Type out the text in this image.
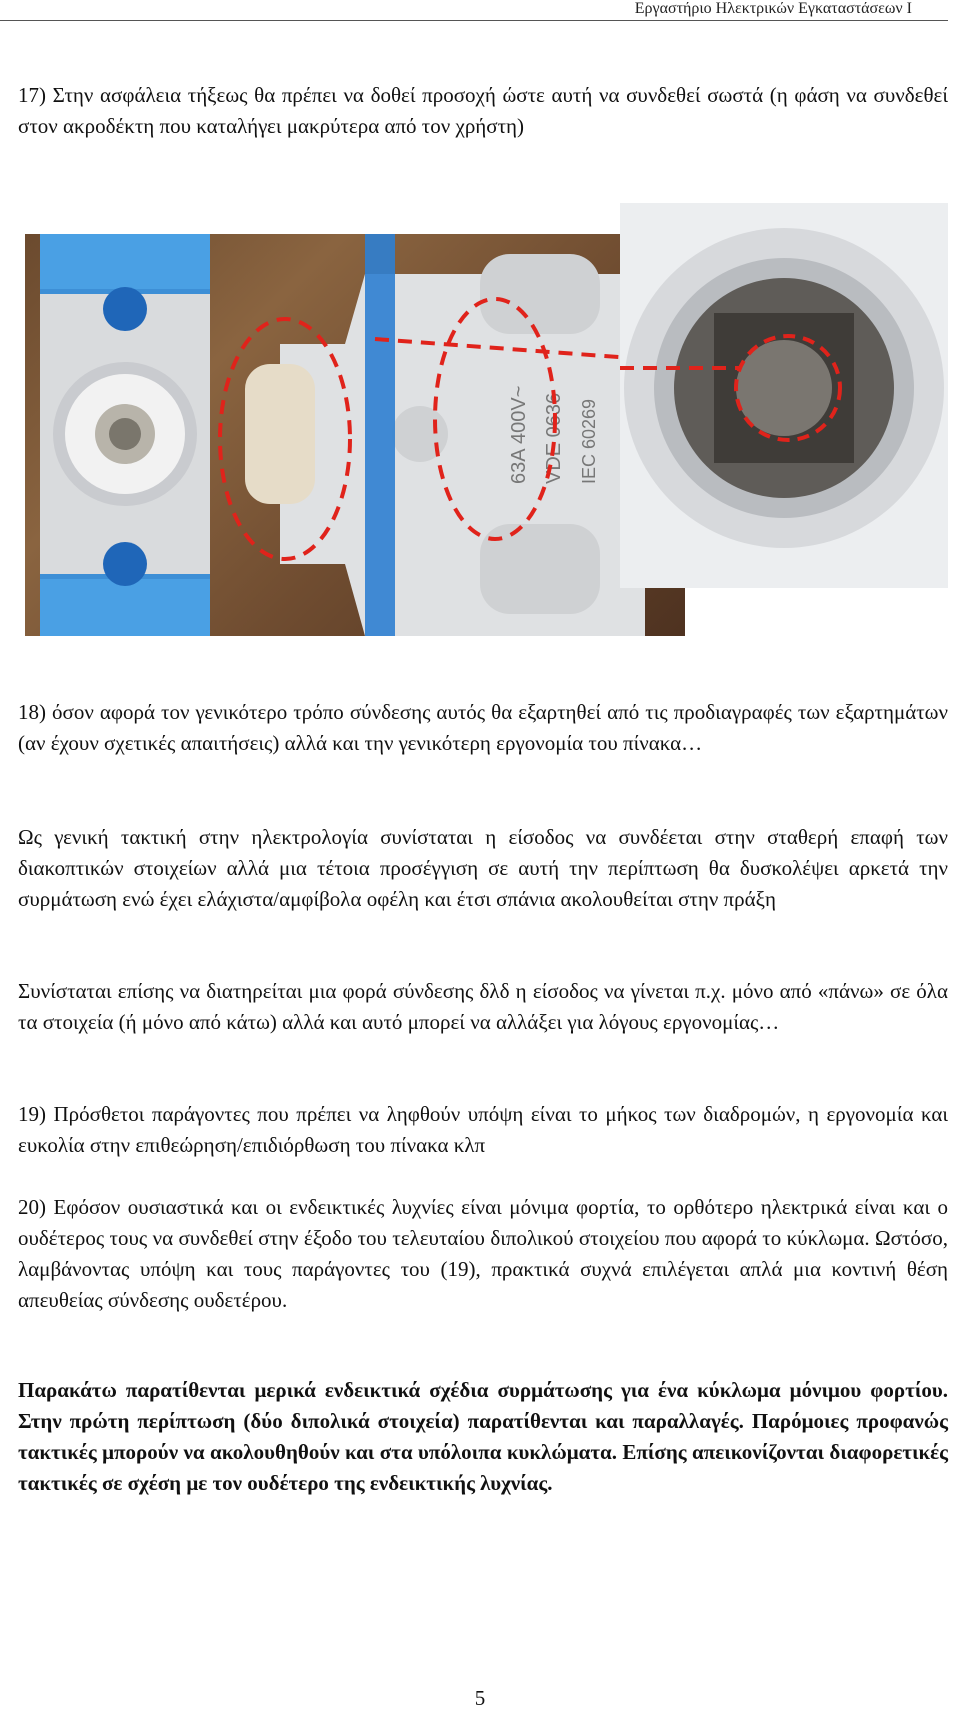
Εργαστήριο Ηλεκτρικών Εγκαταστάσεων Ι

17) Στην ασφάλεια τήξεως θα πρέπει να δοθεί προσοχή ώστε αυτή να συνδεθεί σωστά (η φάση να συνδεθεί στον ακροδέκτη που καταλήγει μακρύτερα από τον χρήστη)

63A 400V~ VDE 0636 IEC 60269

18) όσον αφορά τον γενικότερο τρόπο σύνδεσης αυτός θα εξαρτηθεί από τις προδιαγραφές των εξαρτημάτων (αν έχουν σχετικές απαιτήσεις) αλλά και την γενικότερη εργονομία του πίνακα…

Ως γενική τακτική στην ηλεκτρολογία συνίσταται η είσοδος να συνδέεται στην σταθερή επαφή των διακοπτικών στοιχείων αλλά μια τέτοια προσέγγιση σε αυτή την περίπτωση θα δυσκολέψει αρκετά την συρμάτωση ενώ έχει ελάχιστα/αμφίβολα οφέλη και έτσι σπάνια ακολουθείται στην πράξη

Συνίσταται επίσης να διατηρείται μια φορά σύνδεσης δλδ η είσοδος να γίνεται π.χ. μόνο από «πάνω» σε όλα τα στοιχεία (ή μόνο από κάτω) αλλά και αυτό μπορεί να αλλάξει για λόγους εργονομίας…

19) Πρόσθετοι παράγοντες που πρέπει να ληφθούν υπόψη είναι το μήκος των διαδρομών, η εργονομία και ευκολία στην επιθεώρηση/επιδιόρθωση του πίνακα κλπ

20) Εφόσον ουσιαστικά και οι ενδεικτικές λυχνίες είναι μόνιμα φορτία, το ορθότερο ηλεκτρικά είναι και ο ουδέτερος τους να συνδεθεί στην έξοδο του τελευταίου διπολικού στοιχείου που αφορά το κύκλωμα. Ωστόσο, λαμβάνοντας υπόψη και τους παράγοντες του (19), πρακτικά συχνά επιλέγεται απλά μια κοντινή θέση απευθείας σύνδεσης ουδετέρου.

Παρακάτω παρατίθενται μερικά ενδεικτικά σχέδια συρμάτωσης για ένα κύκλωμα μόνιμου φορτίου. Στην πρώτη περίπτωση (δύο διπολικά στοιχεία) παρατίθενται και παραλλαγές. Παρόμοιες προφανώς τακτικές μπορούν να ακολουθηθούν και στα υπόλοιπα κυκλώματα. Επίσης απεικονίζονται διαφορετικές τακτικές σε σχέση με τον ουδέτερο της ενδεικτικής λυχνίας.

5
